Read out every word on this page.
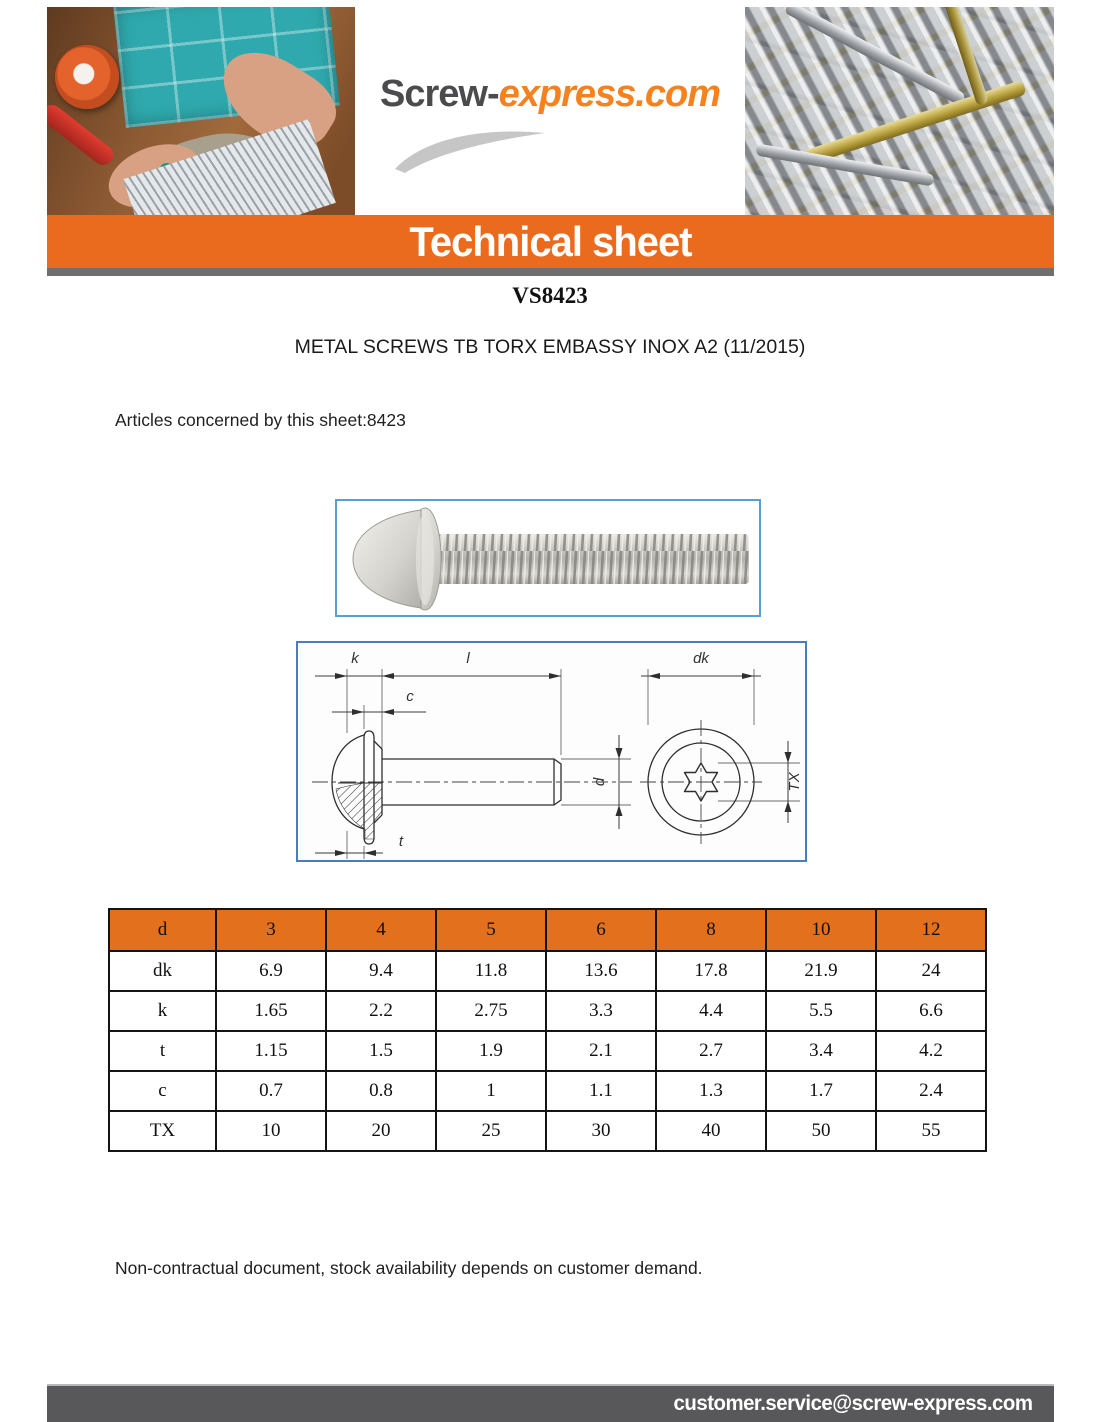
Screw-express.com
Technical sheet
VS8423
METAL SCREWS TB TORX EMBASSY INOX A2 (11/2015)
Articles concerned by this sheet:8423
k	l
c
t
d
dk
TX
d	3	4	5	6	8	10	12
dk	6.9	9.4	11.8	13.6	17.8	21.9	24
k	1.65	2.2	2.75	3.3	4.4	5.5	6.6
t	1.15	1.5	1.9	2.1	2.7	3.4	4.2
c	0.7	0.8	1	1.1	1.3	1.7	2.4
TX	10	20	25	30	40	50	55
Non-contractual document, stock availability depends on customer demand.
customer.service@screw-express.com
